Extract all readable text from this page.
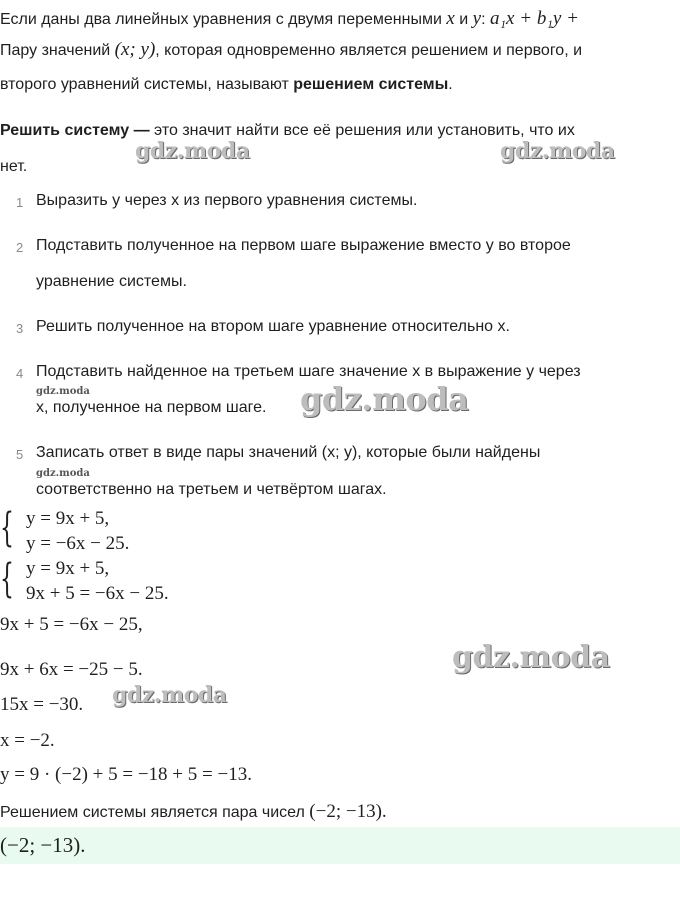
Если даны два линейных уравнения с двумя переменными x и y: a₁x + b₁y +
Пару значений (x; y), которая одновременно является решением и первого, и
второго уравнений системы, называют решением системы.
Решить систему — это значит найти все её решения или установить, что их
нет.
gdz.moda	gdz.moda
gdz.moda
gdz.moda
gdz.moda
gdz.moda
gdz.moda
1 Выразить y через x из первого уравнения системы.
2 Подставить полученное на первом шаге выражение вместо y во второе
уравнение системы.
3 Решить полученное на втором шаге уравнение относительно x.
4 Подставить найденное на третьем шаге значение x в выражение y через
x, полученное на первом шаге.
5 Записать ответ в виде пары значений (x; y), которые были найдены
соответственно на третьем и четвёртом шагах.
{ y = 9x + 5,
y = −6x − 25.
{ y = 9x + 5,
9x + 5 = −6x − 25.
9x + 5 = −6x − 25,
9x + 6x = −25 − 5.
15x = −30.
x = −2.
y = 9 · (−2) + 5 = −18 + 5 = −13.
Решением системы является пара чисел (−2; −13).
(−2; −13).
